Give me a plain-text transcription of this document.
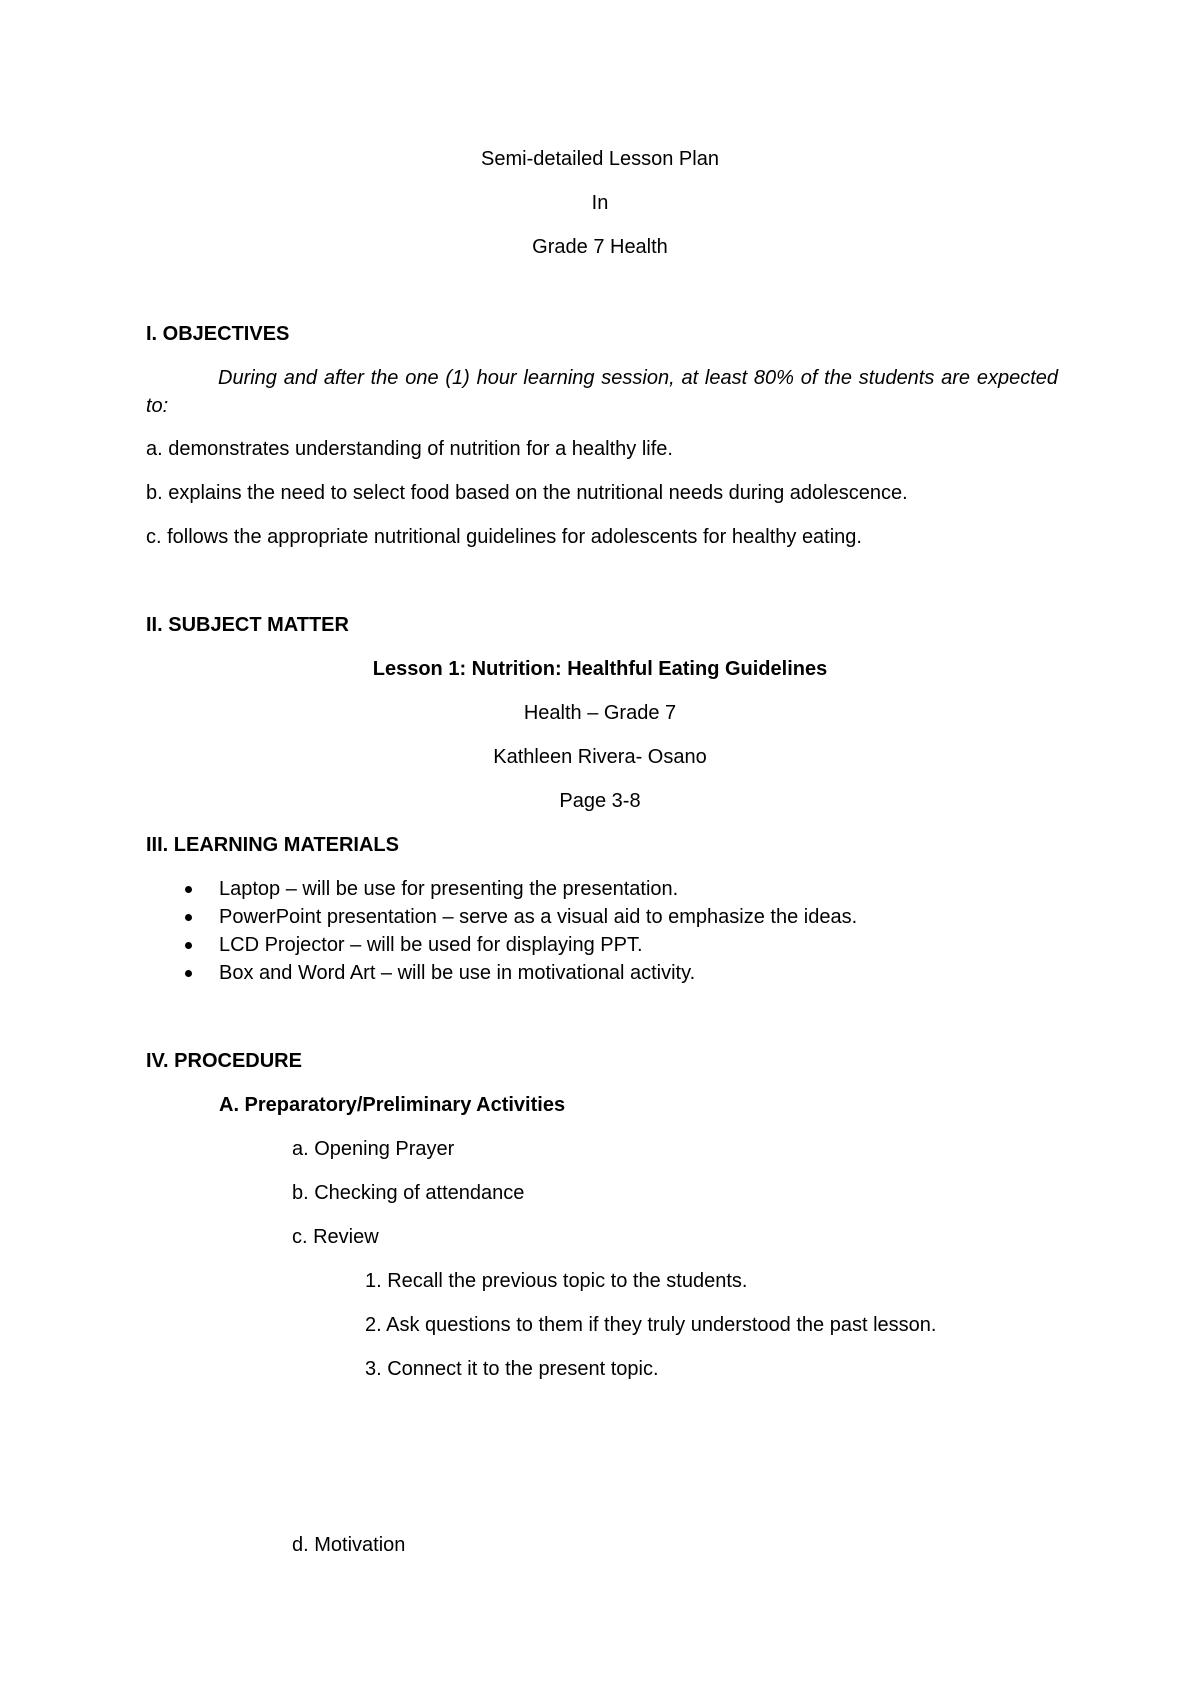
Semi-detailed Lesson Plan
In
Grade 7 Health
I. OBJECTIVES
During and after the one (1) hour learning session, at least 80% of the students are expected to:
a. demonstrates understanding of nutrition for a healthy life.
b. explains the need to select food based on the nutritional needs during adolescence.
c. follows the appropriate nutritional guidelines for adolescents for healthy eating.
II. SUBJECT MATTER
Lesson 1: Nutrition: Healthful Eating Guidelines
Health – Grade 7
Kathleen Rivera- Osano
Page 3-8
III. LEARNING MATERIALS
Laptop – will be use for presenting the presentation.
PowerPoint presentation – serve as a visual aid to emphasize the ideas.
LCD Projector – will be used for displaying PPT.
Box and Word Art – will be use in motivational activity.
IV. PROCEDURE
A. Preparatory/Preliminary Activities
a. Opening Prayer
b. Checking of attendance
c. Review
1. Recall the previous topic to the students.
2. Ask questions to them if they truly understood the past lesson.
3. Connect it to the present topic.
d. Motivation
